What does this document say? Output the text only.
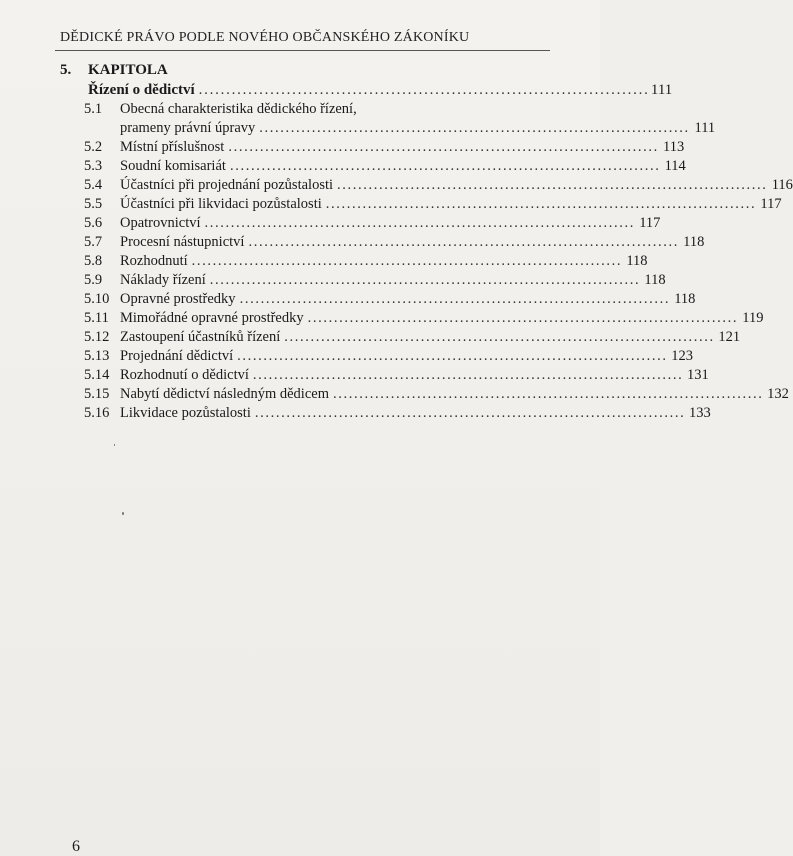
DĚDICKÉ PRÁVO PODLE NOVÉHO OBČANSKÉHO ZÁKONÍKU
5. KAPITOLA
Řízení o dědictví . . .	111
5.1	Obecná charakteristika dědického řízení,
prameny právní úpravy . . .	111
5.2	Místní příslušnost . . .	113
5.3	Soudní komisariát . . .	114
5.4	Účastníci při projednání pozůstalosti . . .	116
5.5	Účastníci při likvidaci pozůstalosti . . .	117
5.6	Opatrovnictví . . .	117
5.7	Procesní nástupnictví . . .	118
5.8	Rozhodnutí . . .	118
5.9	Náklady řízení . . .	118
5.10 Opravné prostředky . . .	118
5.11 Mimořádné opravné prostředky . . .	119
5.12 Zastoupení účastníků řízení . . .	121
5.13 Projednání dědictví . . .	123
5.14 Rozhodnutí o dědictví . . .	131
5.15 Nabytí dědictví následným dědicem . . .	132
5.16 Likvidace pozůstalosti . . .	133
6
